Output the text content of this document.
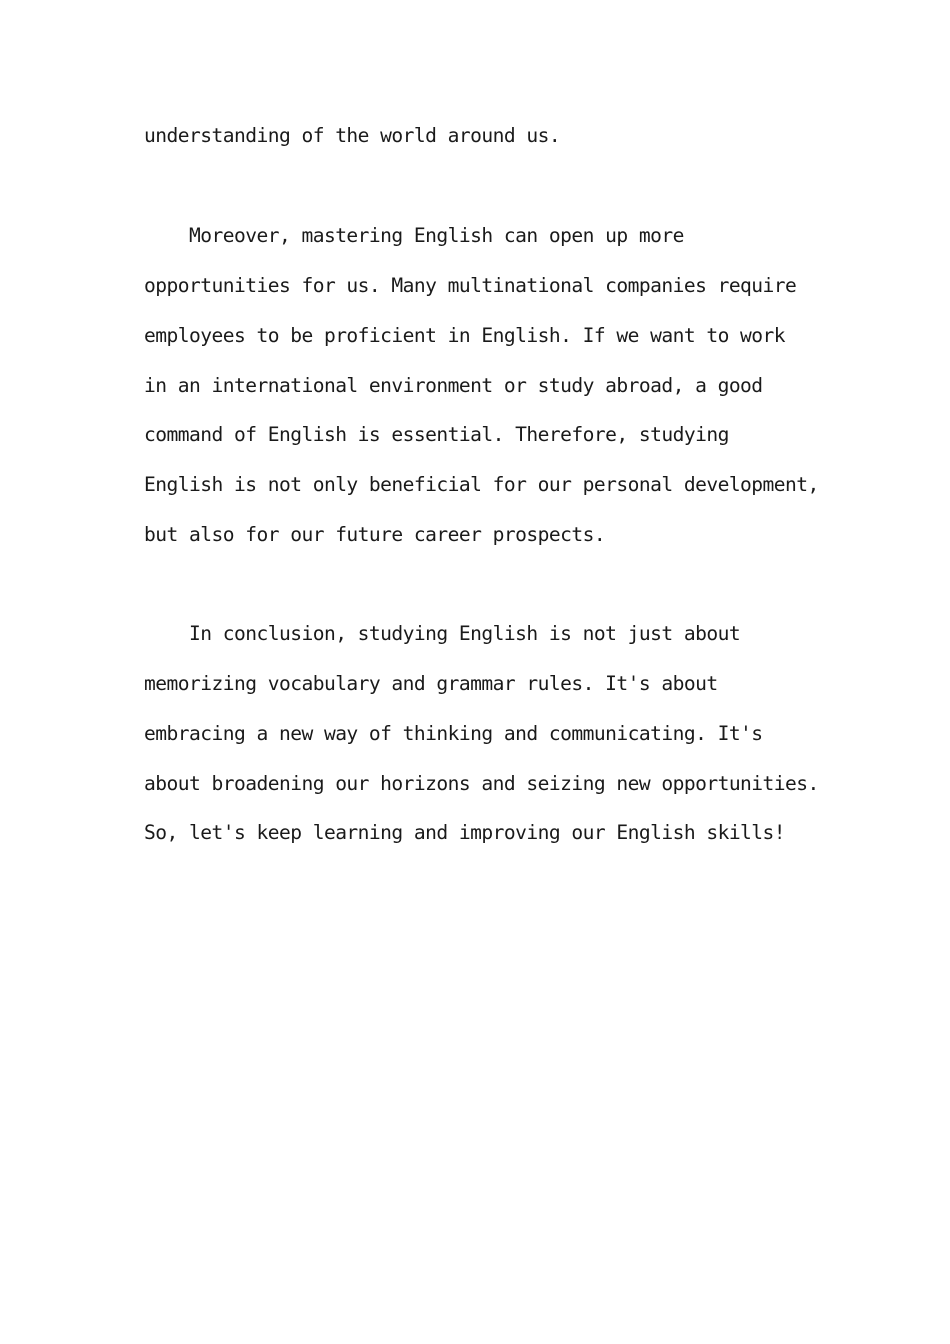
understanding of the world around us.
Moreover, mastering English can open up more
opportunities for us. Many multinational companies require
employees to be proficient in English. If we want to work
in an international environment or study abroad, a good
command of English is essential. Therefore, studying
English is not only beneficial for our personal development,
but also for our future career prospects.
In conclusion, studying English is not just about
memorizing vocabulary and grammar rules. It's about
embracing a new way of thinking and communicating. It's
about broadening our horizons and seizing new opportunities.
So, let's keep learning and improving our English skills!
